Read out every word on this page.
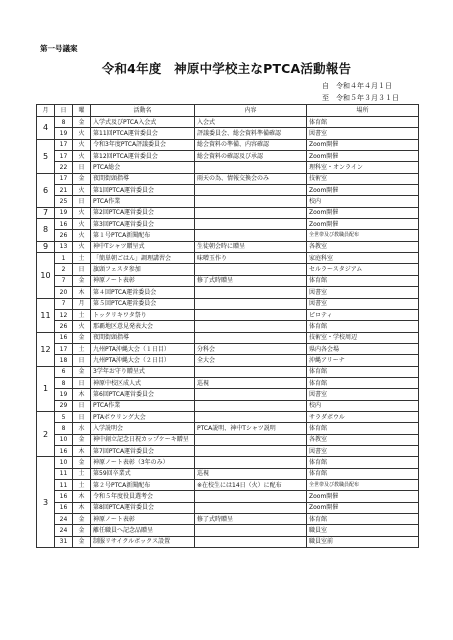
第一号議案
令和4年度　神原中学校主なPTCA活動報告
自　令和４年４月１日
至　令和５年３月３１日
月	日	曜	活動名	内容	場所
4	8	金	入学式及びPTCA入会式	入会式	体育館
	19	火	第11回PTCA運営委員会	評議委員会、総会資料準備確認	図書室
5	17	火	令和3年度PTCA評議委員会	総会資料の準備、内容確認	Zoom開催
	17	火	第12回PTCA運営委員会	総会資料の確認及び承認	Zoom開催
	22	日	PTCA総会		理科室・オンライン
6	17	金	夜間街頭指導	雨天の為、情報交換会のみ	技術室
	21	火	第1回PTCA運営委員会		Zoom開催
	25	日	PTCA作業		校内
7	19	火	第2回PTCA運営委員会		Zoom開催
8	16	火	第3回PTCA運営委員会		Zoom開催
	26	火	第１号PTCA新聞配布		全世帯及び教職員配布
9	13	火	神中Tシャツ贈呈式	生徒朝会時に贈呈	各教室
10	1	土	「簡単朝ごはん」調理講習会	味噌玉作り	家庭科室
	2	日	旗頭フェスタ参加		セルラースタジアム
	7	金	神原ノート表彰	修了式時贈呈	体育館
	20	木	第４回PTCA運営委員会		図書室
11	7	月	第５回PTCA運営委員会		図書室
	12	土	トックリキワタ祭り		ピロティ
	26	火	那覇地区意見発表大会		体育館
12	16	金	夜間街頭指導		技術室・学校周辺
	17	土	九州PTA沖縄大会（１日目）	分科会	県内各会場
	18	日	九州PTA沖縄大会（２日目）	全大会	沖縄アリーナ
1	6	金	3学年お守り贈呈式		体育館
	8	日	神原中校区成人式	巡視	体育館
	19	木	第6回PTCA運営委員会		図書室
	29	日	PTCA作業		校内
2	5	日	PTAボウリング大会		サラダボウル
	8	水	入学説明会	PTCA説明、神中Tシャツ説明	体育館
	10	金	神中創立記念日祝カップケーキ贈呈		各教室
	16	木	第7回PTCA運営委員会		図書室
3	10	金	神原ノート表彰（3年のみ）		体育館
	11	土	第59回卒業式	巡視	体育館
	11	土	第２号PTCA新聞配布	※在校生には14日（火）に配布	全世帯及び教職員配布
	16	木	令和５年度役員選考会		Zoom開催
	16	木	第8回PTCA運営委員会		Zoom開催
	24	金	神原ノート表彰	修了式時贈呈	体育館
	24	金	離任職員へ記念品贈呈		職員室
	31	金	制服リサイクルボックス設置		職員室前
